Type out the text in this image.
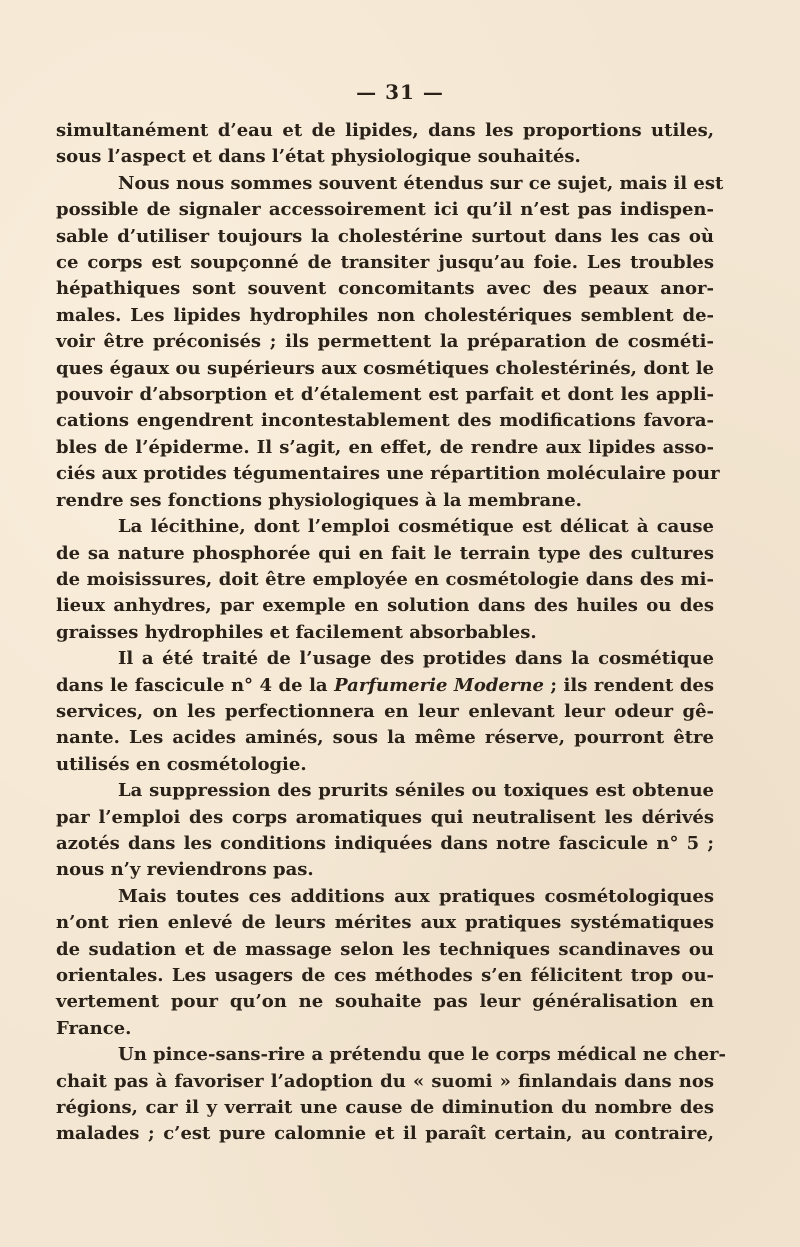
— 31 —
simultanément d’eau et de lipides, dans les proportions utiles,
sous l’aspect et dans l’état physiologique souhaités.
Nous nous sommes souvent étendus sur ce sujet, mais il est
possible de signaler accessoirement ici qu’il n’est pas indispen-
sable d’utiliser toujours la cholestérine surtout dans les cas où
ce corps est soupçonné de transiter jusqu’au foie. Les troubles
hépathiques sont souvent concomitants avec des peaux anor-
males. Les lipides hydrophiles non cholestériques semblent de-
voir être préconisés ; ils permettent la préparation de cosméti-
ques égaux ou supérieurs aux cosmétiques cholestérinés, dont le
pouvoir d’absorption et d’étalement est parfait et dont les appli-
cations engendrent incontestablement des modifications favora-
bles de l’épiderme. Il s’agit, en effet, de rendre aux lipides asso-
ciés aux protides tégumentaires une répartition moléculaire pour
rendre ses fonctions physiologiques à la membrane.
La lécithine, dont l’emploi cosmétique est délicat à cause
de sa nature phosphorée qui en fait le terrain type des cultures
de moisissures, doit être employée en cosmétologie dans des mi-
lieux anhydres, par exemple en solution dans des huiles ou des
graisses hydrophiles et facilement absorbables.
Il a été traité de l’usage des protides dans la cosmétique
dans le fascicule n° 4 de la Parfumerie Moderne ; ils rendent des
services, on les perfectionnera en leur enlevant leur odeur gê-
nante. Les acides aminés, sous la même réserve, pourront être
utilisés en cosmétologie.
La suppression des prurits séniles ou toxiques est obtenue
par l’emploi des corps aromatiques qui neutralisent les dérivés
azotés dans les conditions indiquées dans notre fascicule n° 5 ;
nous n’y reviendrons pas.
Mais toutes ces additions aux pratiques cosmétologiques
n’ont rien enlevé de leurs mérites aux pratiques systématiques
de sudation et de massage selon les techniques scandinaves ou
orientales. Les usagers de ces méthodes s’en félicitent trop ou-
vertement pour qu’on ne souhaite pas leur généralisation en
France.
Un pince-sans-rire a prétendu que le corps médical ne cher-
chait pas à favoriser l’adoption du « suomi » finlandais dans nos
régions, car il y verrait une cause de diminution du nombre des
malades ; c’est pure calomnie et il paraît certain, au contraire,
